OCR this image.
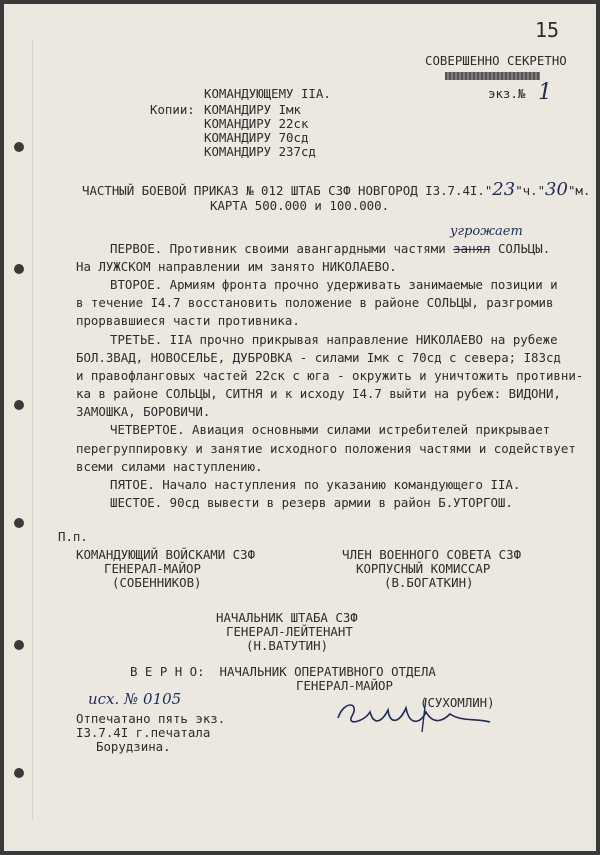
15
СОВЕРШЕННО СЕКРЕТНО
экз.№ 1
КОМАНДУЮЩЕМУ IIA.
Копии: КОМАНДИРУ Iмк
КОМАНДИРУ 22ск
КОМАНДИРУ 70сд
КОМАНДИРУ 237сд
ЧАСТНЫЙ БОЕВОЙ ПРИКАЗ № 012 ШТАБ СЗФ НОВГОРОД I3.7.4I."23"ч."30"м.
КАРТА 500.000 и 100.000.
ПЕРВОЕ. Противник своими авангардными частями занял СОЛЬЦЫ.
угрожает
На ЛУЖСКОМ направлении им занято НИКОЛАЕВО.
ВТОРОЕ. Армиям фронта прочно удерживать занимаемые позиции и
в течение I4.7 восстановить положение в районе СОЛЬЦЫ, разгромив
прорвавшиеся части противника.
ТРЕТЬЕ. IIA прочно прикрывая направление НИКОЛАЕВО на рубеже
БОЛ.ЗВАД, НОВОСЕЛЬЕ, ДУБРОВКА - силами Iмк с 70сд с севера; I83сд
и правофланговых частей 22ск с юга - окружить и уничтожить противни-
ка в районе СОЛЬЦЫ, СИТНЯ и к исходу I4.7 выйти на рубеж: ВИДОНИ,
ЗАМОШКА, БОРОВИЧИ.
ЧЕТВЕРТОЕ. Авиация основными силами истребителей прикрывает
перегруппировку и занятие исходного положения частями и содействует
всеми силами наступлению.
ПЯТОЕ. Начало наступления по указанию командующего IIA.
ШЕСТОЕ. 90сд вывести в резерв армии в район Б.УТОРГОШ.
П.п.
КОМАНДУЮЩИЙ ВОЙСКАМИ СЗФ
ГЕНЕРАЛ-МАЙОР
(СОБЕННИКОВ)
ЧЛЕН ВОЕННОГО СОВЕТА СЗФ
КОРПУСНЫЙ КОМИССАР
(В.БОГАТКИН)
НАЧАЛЬНИК ШТАБА СЗФ
ГЕНЕРАЛ-ЛЕЙТЕНАНТ
(Н.ВАТУТИН)
В Е Р Н О:  НАЧАЛЬНИК ОПЕРАТИВНОГО ОТДЕЛА
ГЕНЕРАЛ-МАЙОР
(СУХОМЛИН)
исх. № 0105
Отпечатано пять экз.
I3.7.4I г.печатала
Борудзина.
